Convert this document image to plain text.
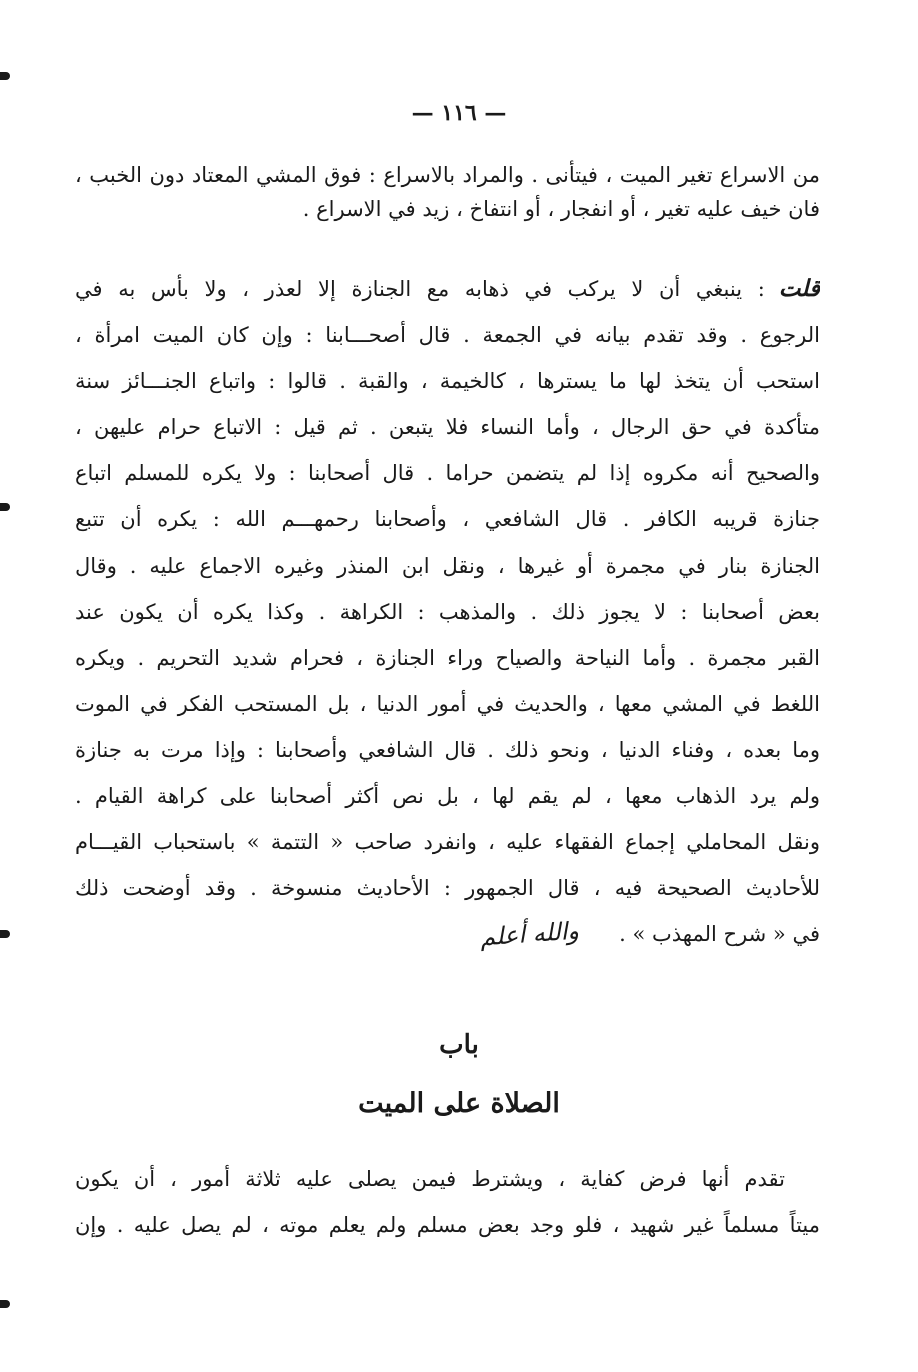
— ١١٦ —
من الاسراع تغير الميت ، فيتأنى . والمراد بالاسراع : فوق المشي المعتاد دون الخبب ،
فان خيف عليه تغير ، أو انفجار ، أو انتفاخ ، زيد في الاسراع .
قلت: ينبغي أن لا يركب في ذهابه مع الجنازة إلا لعذر ، ولا بأس به في
الرجوع . وقد تقدم بيانه في الجمعة . قال أصحـــابنا : وإن كان الميت امرأة ،
استحب أن يتخذ لها ما يسترها ، كالخيمة ، والقبة . قالوا : واتباع الجنـــائز سنة
متأكدة في حق الرجال ، وأما النساء فلا يتبعن . ثم قيل : الاتباع حرام عليهن ،
والصحيح أنه مكروه إذا لم يتضمن حراما . قال أصحابنا : ولا يكره للمسلم اتباع
جنازة قريبه الكافر . قال الشافعي ، وأصحابنا رحمهـــم الله : يكره أن تتبع
الجنازة بنار في مجمرة أو غيرها ، ونقل ابن المنذر وغيره الاجماع عليه . وقال
بعض أصحابنا : لا يجوز ذلك . والمذهب : الكراهة . وكذا يكره أن يكون عند
القبر مجمرة . وأما النياحة والصياح وراء الجنازة ، فحرام شديد التحريم . ويكره
اللغط في المشي معها ، والحديث في أمور الدنيا ، بل المستحب الفكر في الموت
وما بعده ، وفناء الدنيا ، ونحو ذلك . قال الشافعي وأصحابنا : وإذا مرت به جنازة
ولم يرد الذهاب معها ، لم يقم لها ، بل نص أكثر أصحابنا على كراهة القيام .
ونقل المحاملي إجماع الفقهاء عليه ، وانفرد صاحب « التتمة » باستحباب القيـــام
للأحاديث الصحيحة فيه ، قال الجمهور : الأحاديث منسوخة . وقد أوضحت ذلك
في « شرح المهذب » .
والله أعلم
باب
الصلاة على الميت
تقدم أنها فرض كفاية ، ويشترط فيمن يصلى عليه ثلاثة أمور ، أن يكون
ميتاً مسلماً غير شهيد ، فلو وجد بعض مسلم ولم يعلم موته ، لم يصل عليه . وإن
